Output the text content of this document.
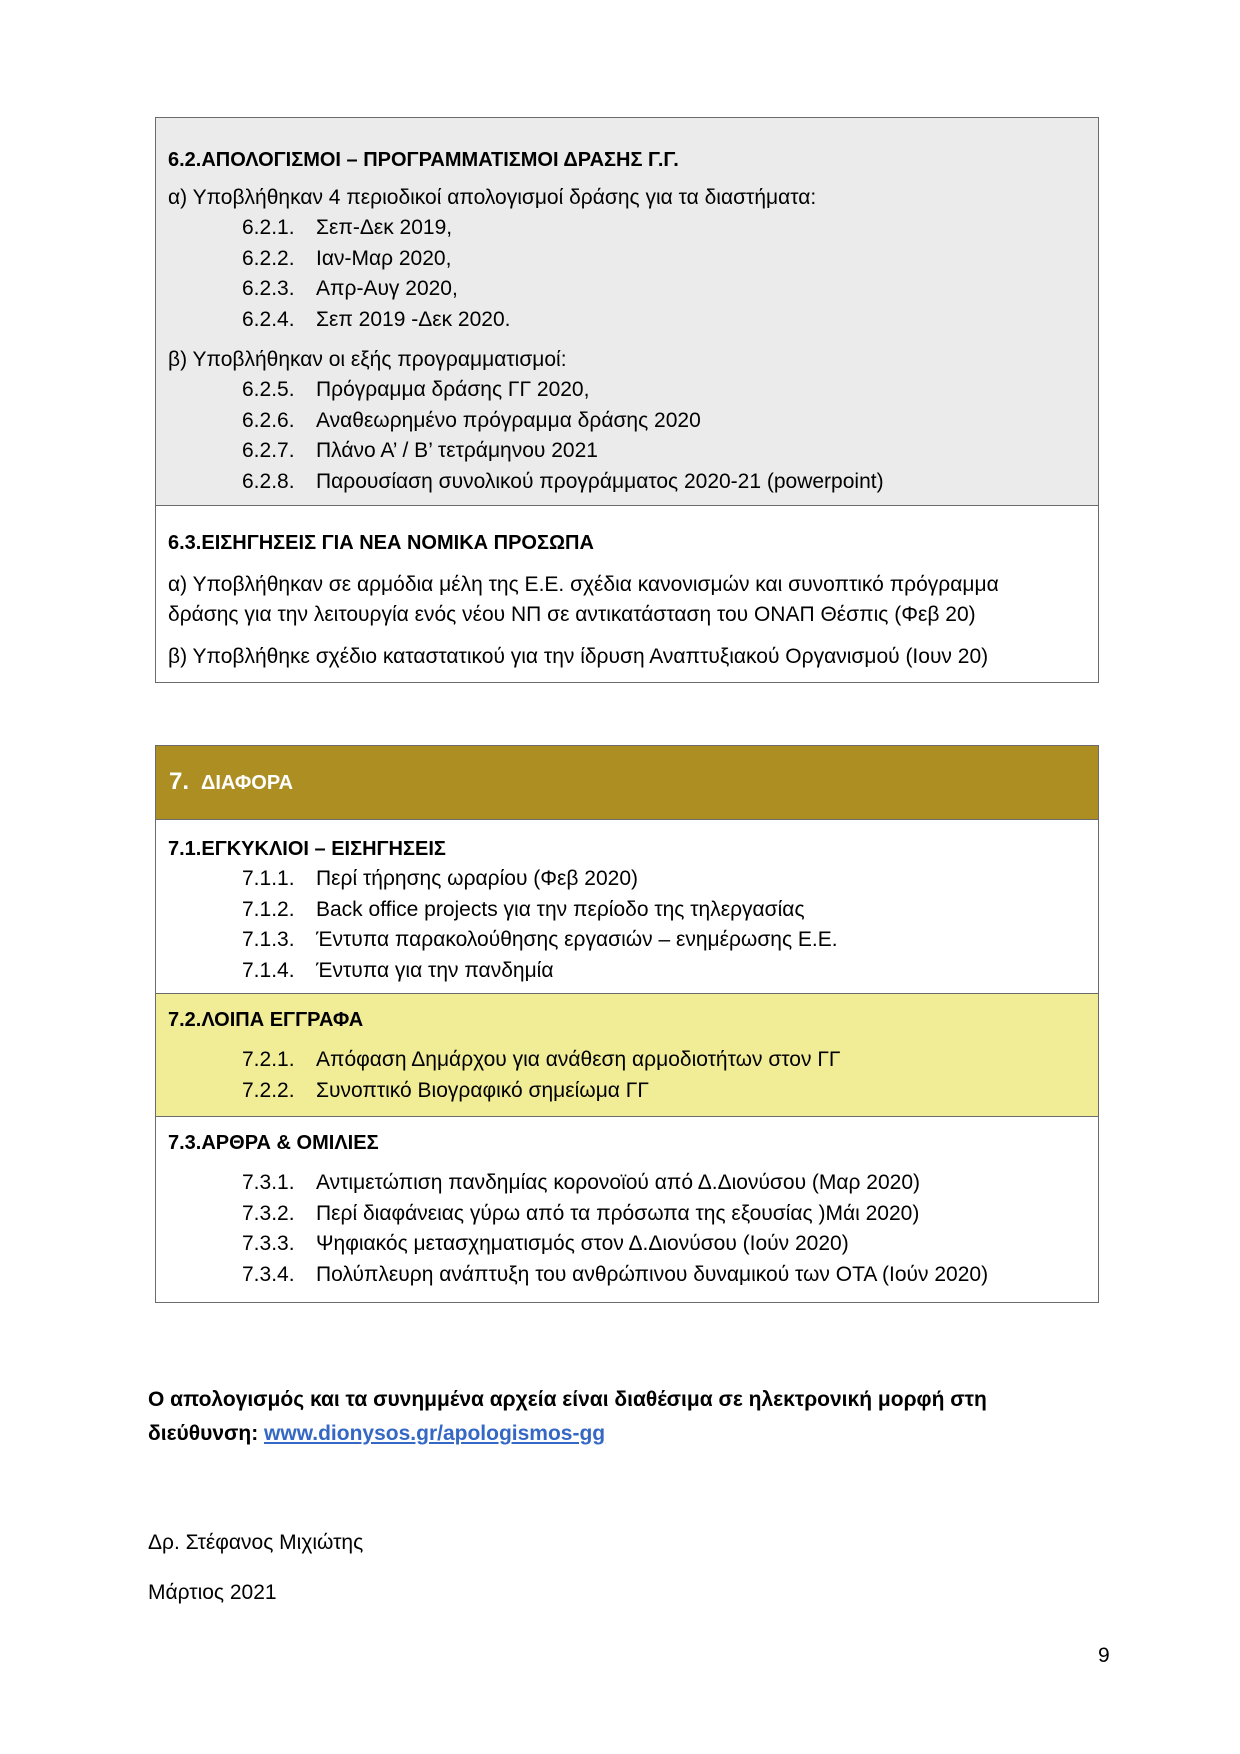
6.2.ΑΠΟΛΟΓΙΣΜΟΙ – ΠΡΟΓΡΑΜΜΑΤΙΣΜΟΙ ΔΡΑΣΗΣ Γ.Γ.
α) Υποβλήθηκαν 4 περιοδικοί απολογισμοί δράσης για τα διαστήματα:
6.2.1. Σεπ-Δεκ 2019,
6.2.2. Ιαν-Μαρ 2020,
6.2.3. Απρ-Αυγ 2020,
6.2.4. Σεπ 2019 -Δεκ 2020.
β) Υποβλήθηκαν οι εξής προγραμματισμοί:
6.2.5. Πρόγραμμα δράσης ΓΓ 2020,
6.2.6. Αναθεωρημένο πρόγραμμα δράσης 2020
6.2.7. Πλάνο Α’ / Β’ τετράμηνου 2021
6.2.8. Παρουσίαση συνολικού προγράμματος 2020-21 (powerpoint)
6.3.ΕΙΣΗΓΗΣΕΙΣ ΓΙΑ ΝΕΑ ΝΟΜΙΚΑ ΠΡΟΣΩΠΑ
α) Υποβλήθηκαν σε αρμόδια μέλη της Ε.Ε. σχέδια κανονισμών και συνοπτικό πρόγραμμα
δράσης για την λειτουργία ενός νέου ΝΠ σε αντικατάσταση του ΟΝΑΠ Θέσπις (Φεβ 20)
β) Υποβλήθηκε σχέδιο καταστατικού για την ίδρυση Αναπτυξιακού Οργανισμού (Ιουν 20)
7. ΔΙΑΦΟΡΑ
7.1.ΕΓΚΥΚΛΙΟΙ – ΕΙΣΗΓΗΣΕΙΣ
7.1.1. Περί τήρησης ωραρίου (Φεβ 2020)
7.1.2. Back office projects για την περίοδο της τηλεργασίας
7.1.3. Έντυπα παρακολούθησης εργασιών – ενημέρωσης Ε.Ε.
7.1.4. Έντυπα για την πανδημία
7.2.ΛΟΙΠΑ ΕΓΓΡΑΦΑ
7.2.1. Απόφαση Δημάρχου για ανάθεση αρμοδιοτήτων στον ΓΓ
7.2.2. Συνοπτικό Βιογραφικό σημείωμα ΓΓ
7.3.ΑΡΘΡΑ & ΟΜΙΛΙΕΣ
7.3.1. Αντιμετώπιση πανδημίας κορονοϊού από Δ.Διονύσου (Μαρ 2020)
7.3.2. Περί διαφάνειας γύρω από τα πρόσωπα της εξουσίας )Μάι 2020)
7.3.3. Ψηφιακός μετασχηματισμός στον Δ.Διονύσου (Ιούν 2020)
7.3.4. Πολύπλευρη ανάπτυξη του ανθρώπινου δυναμικού των ΟΤΑ (Ιούν 2020)
Ο απολογισμός και τα συνημμένα αρχεία είναι διαθέσιμα σε ηλεκτρονική μορφή στη
διεύθυνση: www.dionysos.gr/apologismos-gg
Δρ. Στέφανος Μιχιώτης
Μάρτιος 2021
9
